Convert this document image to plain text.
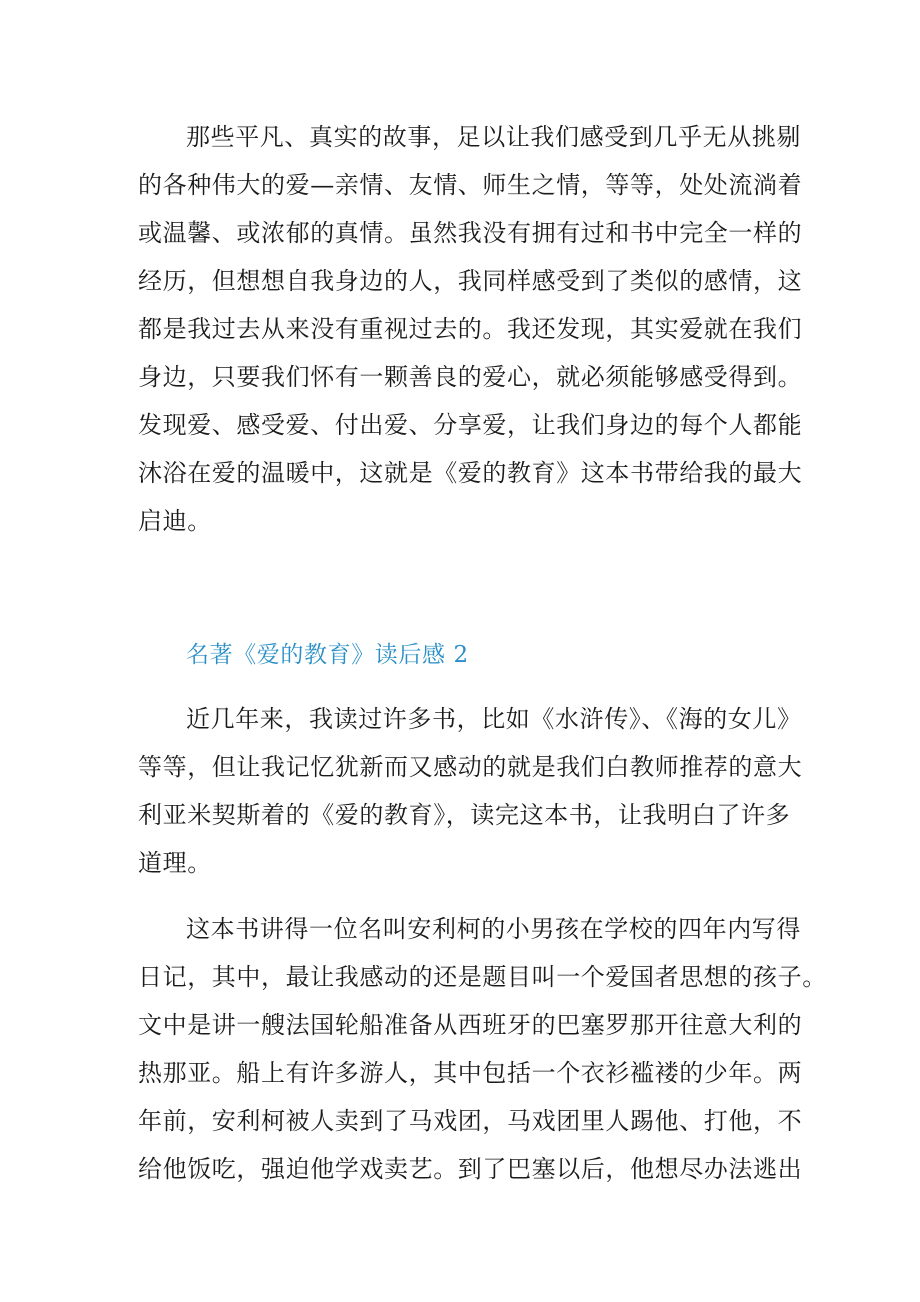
那些平凡、真实的故事，足以让我们感受到几乎无从挑剔
的各种伟大的爱—亲情、友情、师生之情，等等，处处流淌着
或温馨、或浓郁的真情。虽然我没有拥有过和书中完全一样的
经历，但想想自我身边的人，我同样感受到了类似的感情，这
都是我过去从来没有重视过去的。我还发现，其实爱就在我们
身边，只要我们怀有一颗善良的爱心，就必须能够感受得到。
发现爱、感受爱、付出爱、分享爱，让我们身边的每个人都能
沐浴在爱的温暖中，这就是《爱的教育》这本书带给我的最大
启迪。
名著《爱的教育》读后感 2
近几年来，我读过许多书，比如《水浒传》、《海的女儿》
等等，但让我记忆犹新而又感动的就是我们白教师推荐的意大
利亚米契斯着的《爱的教育》，读完这本书，让我明白了许多
道理。
这本书讲得一位名叫安利柯的小男孩在学校的四年内写得
日记，其中，最让我感动的还是题目叫一个爱国者思想的孩子。
文中是讲一艘法国轮船准备从西班牙的巴塞罗那开往意大利的
热那亚。船上有许多游人，其中包括一个衣衫褴褛的少年。两
年前，安利柯被人卖到了马戏团，马戏团里人踢他、打他，不
给他饭吃，强迫他学戏卖艺。到了巴塞以后，他想尽办法逃出
